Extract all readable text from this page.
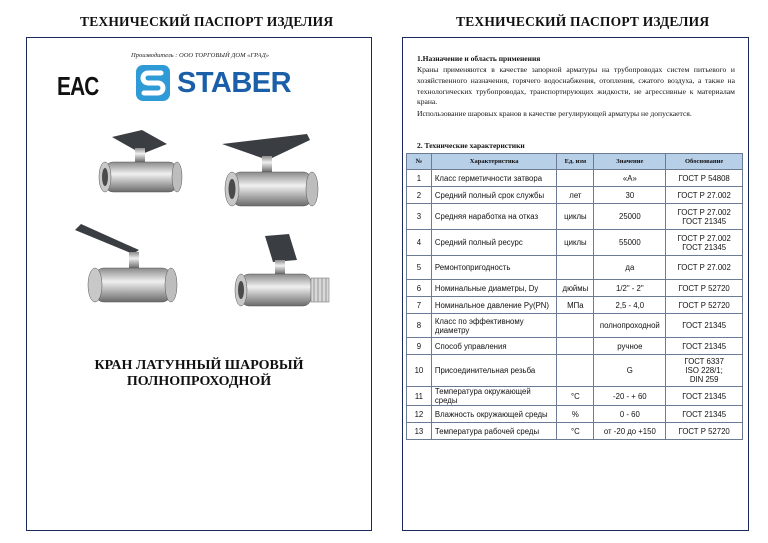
ТЕХНИЧЕСКИЙ ПАСПОРТ ИЗДЕЛИЯ	ТЕХНИЧЕСКИЙ ПАСПОРТ ИЗДЕЛИЯ
Производитель : ООО ТОРГОВЫЙ ДОМ «ГРАД»
EAC	STABER
КРАН ЛАТУННЫЙ ШАРОВЫЙ
ПОЛНОПРОХОДНОЙ
1.Назначение и область применения
Краны применяются в качестве запорной арматуры на трубопроводах систем питьевого и хозяйственного назначения, горячего водоснабжения, отопления, сжатого воздуха, а также на технологических трубопроводах, транспортирующих жидкости, не агрессивные к материалам крана.
Использование шаровых кранов в качестве регулирующей арматуры не допускается.
2. Технические характеристики
№	Характеристика	Ед. изм	Значение	Обоснование
1	Класс герметичности затвора		«А»	ГОСТ Р 54808
2	Средний полный срок службы	лет	30	ГОСТ Р 27.002
3	Средняя наработка на отказ	циклы	25000	ГОСТ Р 27.002
ГОСТ 21345
4	Средний полный ресурс	циклы	55000	ГОСТ Р 27.002
ГОСТ 21345
5	Ремонтопригодность		да	ГОСТ Р 27.002
6	Номинальные диаметры, Dу	дюймы	1/2" - 2"	ГОСТ Р 52720
7	Номинальное давление Ру(PN)	МПа	2,5 - 4,0	ГОСТ Р 52720
8	Класс по эффективному диаметру		полнопроходной	ГОСТ 21345
9	Способ управления		ручное	ГОСТ 21345
10	Присоединительная резьба		G	ГОСТ 6337
ISO 228/1;
DIN 259
11	Температура окружающей среды	°С	-20 - + 60	ГОСТ 21345
12	Влажность окружающей среды	%	0 - 60	ГОСТ 21345
13	Температура рабочей среды	°С	от -20 до +150	ГОСТ Р 52720
